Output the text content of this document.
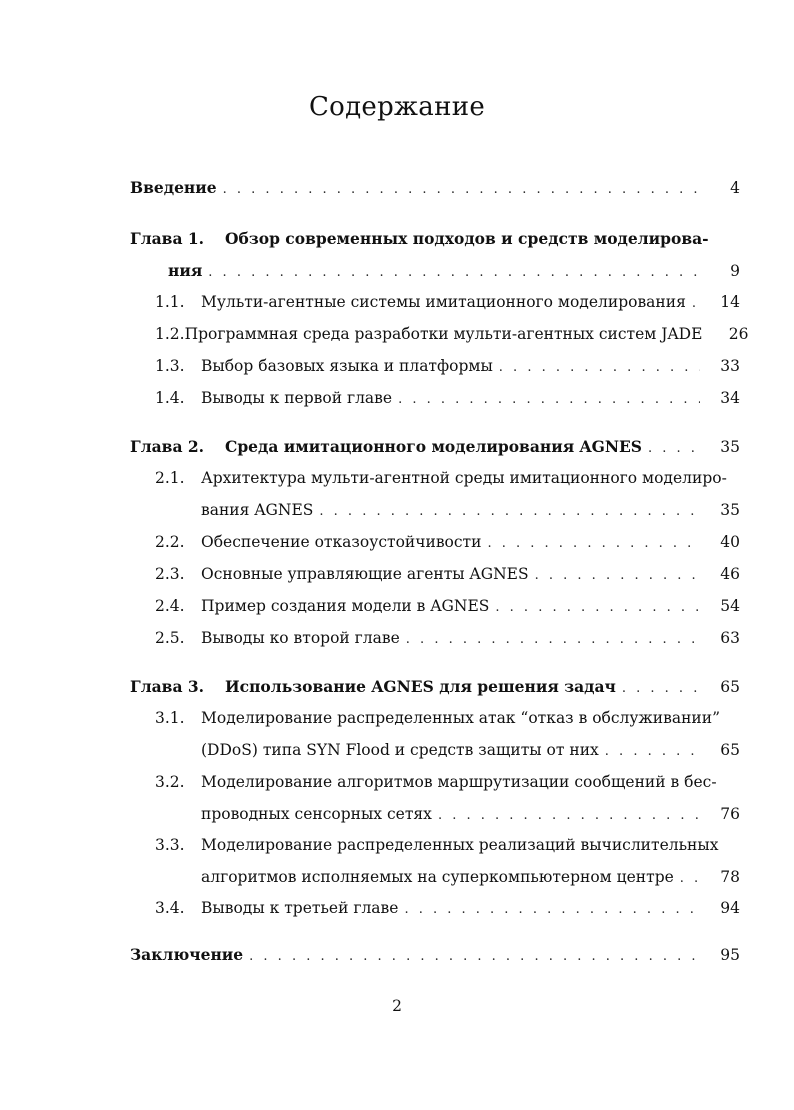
Содержание
Введение . . .	4
Глава 1. Обзор современных подходов и средств моделирова-
ния . . .	9
1.1.	Мульти-агентные системы имитационного моделирования . . .	14
1.2. Программная среда разработки мульти-агентных систем JADE	26
1.3.	Выбор базовых языка и платформы . . .	33
1.4.	Выводы к первой главе . . .	34
Глава 2.	Среда имитационного моделирования AGNES . . .	35
2.1. Архитектура мульти-агентной среды имитационного моделиро-
вания AGNES . . .	35
2.2.	Обеспечение отказоустойчивости . . .	40
2.3.	Основные управляющие агенты AGNES . . .	46
2.4.	Пример создания модели в AGNES . . .	54
2.5.	Выводы ко второй главе . . .	63
Глава 3.	Использование AGNES для решения задач . . .	65
3.1. Моделирование распределенных атак “отказ в обслуживании”
(DDoS) типа SYN Flood и средств защиты от них . . .	65
3.2. Моделирование алгоритмов маршрутизации сообщений в бес-
проводных сенсорных сетях . . .	76
3.3. Моделирование распределенных реализаций вычислительных
алгоритмов исполняемых на суперкомпьютерном центре . . .	78
3.4.	Выводы к третьей главе . . .	94
Заключение . . .	95
2
